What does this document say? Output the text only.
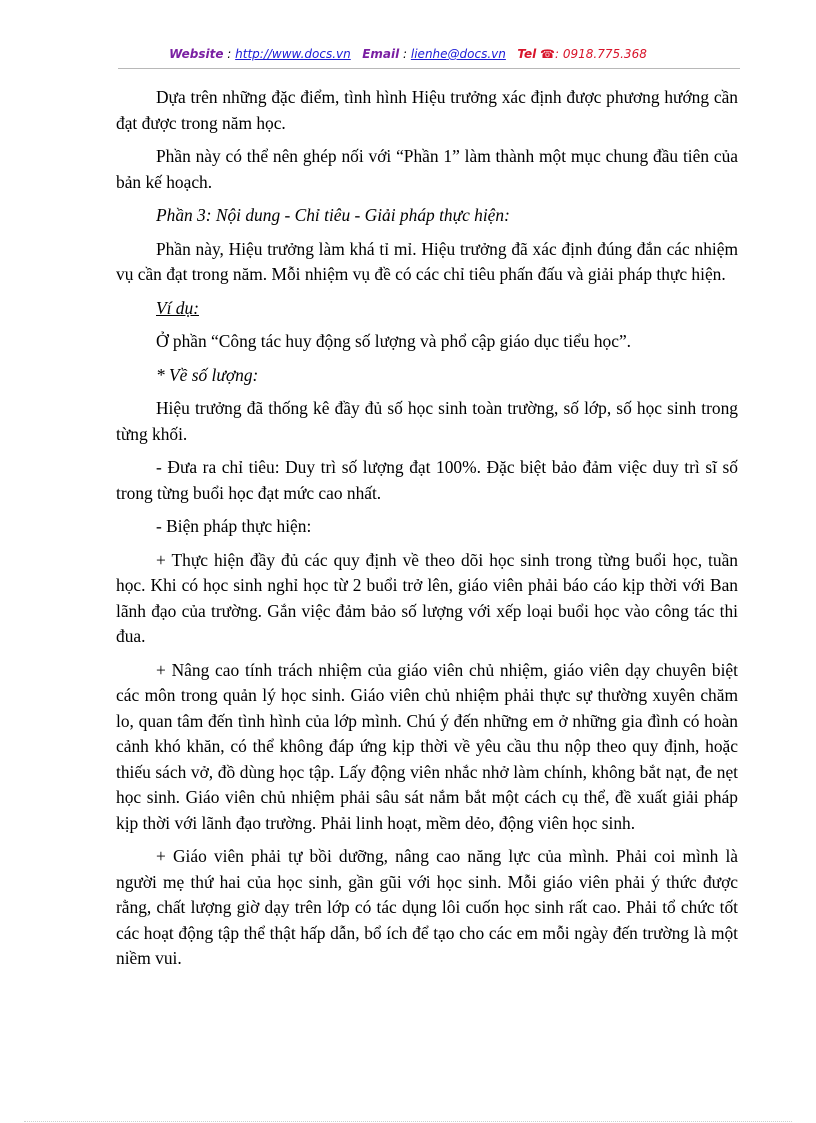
Website : http://www.docs.vn Email : lienhe@docs.vn Tel ☎: 0918.775.368

Dựa trên những đặc điểm, tình hình Hiệu trưởng xác định được phương hướng cần đạt được trong năm học.

Phần này có thể nên ghép nối với “Phần 1” làm thành một mục chung đầu tiên của bản kế hoạch.

Phần 3: Nội dung - Chỉ tiêu - Giải pháp thực hiện:

Phần này, Hiệu trưởng làm khá tỉ mỉ. Hiệu trưởng đã xác định đúng đắn các nhiệm vụ cần đạt trong năm. Mỗi nhiệm vụ đề có các chỉ tiêu phấn đấu và giải pháp thực hiện.

Ví dụ:

Ở phần “Công tác huy động số lượng và phổ cập giáo dục tiểu học”.

* Về số lượng:

Hiệu trưởng đã thống kê đầy đủ số học sinh toàn trường, số lớp, số học sinh trong từng khối.

- Đưa ra chỉ tiêu: Duy trì số lượng đạt 100%. Đặc biệt bảo đảm việc duy trì sĩ số trong từng buổi học đạt mức cao nhất.

- Biện pháp thực hiện:

+ Thực hiện đầy đủ các quy định về theo dõi học sinh trong từng buổi học, tuần học. Khi có học sinh nghỉ học từ 2 buổi trở lên, giáo viên phải báo cáo kịp thời với Ban lãnh đạo của trường. Gắn việc đảm bảo số lượng với xếp loại buổi học vào công tác thi đua.

+ Nâng cao tính trách nhiệm của giáo viên chủ nhiệm, giáo viên dạy chuyên biệt các môn trong quản lý học sinh. Giáo viên chủ nhiệm phải thực sự thường xuyên chăm lo, quan tâm đến tình hình của lớp mình. Chú ý đến những em ở những gia đình có hoàn cảnh khó khăn, có thể không đáp ứng kịp thời về yêu cầu thu nộp theo quy định, hoặc thiếu sách vở, đồ dùng học tập. Lấy động viên nhắc nhở làm chính, không bắt nạt, đe nẹt học sinh. Giáo viên chủ nhiệm phải sâu sát nắm bắt một cách cụ thể, đề xuất giải pháp kịp thời với lãnh đạo trường. Phải linh hoạt, mềm dẻo, động viên học sinh.

+ Giáo viên phải tự bồi dưỡng, nâng cao năng lực của mình. Phải coi mình là người mẹ thứ hai của học sinh, gần gũi với học sinh. Mỗi giáo viên phải ý thức được rằng, chất lượng giờ dạy trên lớp có tác dụng lôi cuốn học sinh rất cao. Phải tổ chức tốt các hoạt động tập thể thật hấp dẫn, bổ ích để tạo cho các em mỗi ngày đến trường là một niềm vui.
